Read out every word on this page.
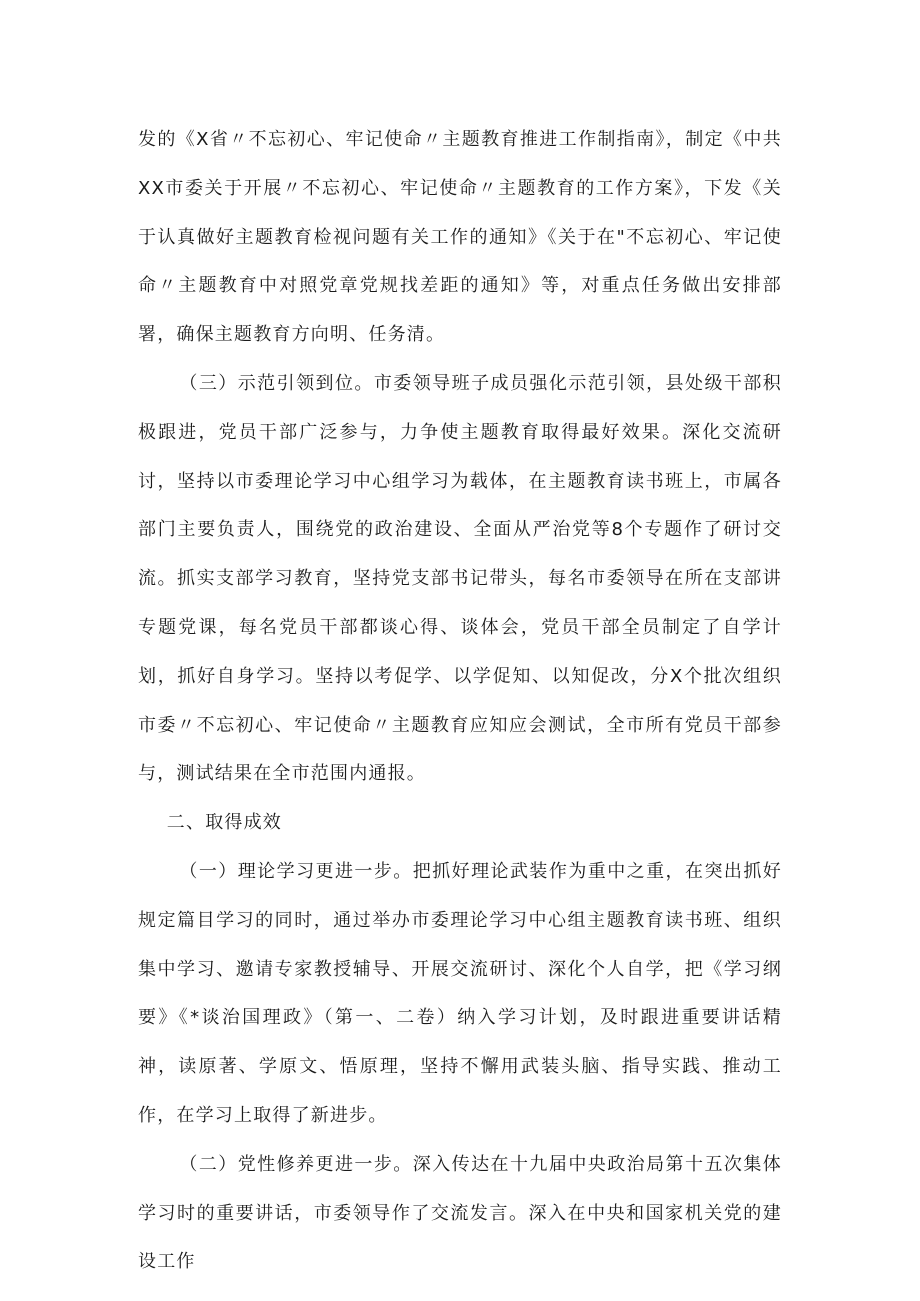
发的《X省〃不忘初心、牢记使命〃主题教育推进工作制指南》，制定《中共XX市委关于开展〃不忘初心、牢记使命〃主题教育的工作方案》，下发《关于认真做好主题教育检视问题有关工作的通知》《关于在"不忘初心、牢记使命〃主题教育中对照党章党规找差距的通知》等，对重点任务做出安排部署，确保主题教育方向明、任务清。

（三）示范引领到位。市委领导班子成员强化示范引领，县处级干部积极跟进，党员干部广泛参与，力争使主题教育取得最好效果。深化交流研讨，坚持以市委理论学习中心组学习为载体，在主题教育读书班上，市属各部门主要负责人，围绕党的政治建设、全面从严治党等8个专题作了研讨交流。抓实支部学习教育，坚持党支部书记带头，每名市委领导在所在支部讲专题党课，每名党员干部都谈心得、谈体会，党员干部全员制定了自学计划，抓好自身学习。坚持以考促学、以学促知、以知促改，分X个批次组织市委〃不忘初心、牢记使命〃主题教育应知应会测试，全市所有党员干部参与，测试结果在全市范围内通报。

二、取得成效

（一）理论学习更进一步。把抓好理论武装作为重中之重，在突出抓好规定篇目学习的同时，通过举办市委理论学习中心组主题教育读书班、组织集中学习、邀请专家教授辅导、开展交流研讨、深化个人自学，把《学习纲要》《*谈治国理政》（第一、二卷）纳入学习计划，及时跟进重要讲话精神，读原著、学原文、悟原理，坚持不懈用武装头脑、指导实践、推动工作，在学习上取得了新进步。

（二）党性修养更进一步。深入传达在十九届中央政治局第十五次集体学习时的重要讲话，市委领导作了交流发言。深入在中央和国家机关党的建设工作
